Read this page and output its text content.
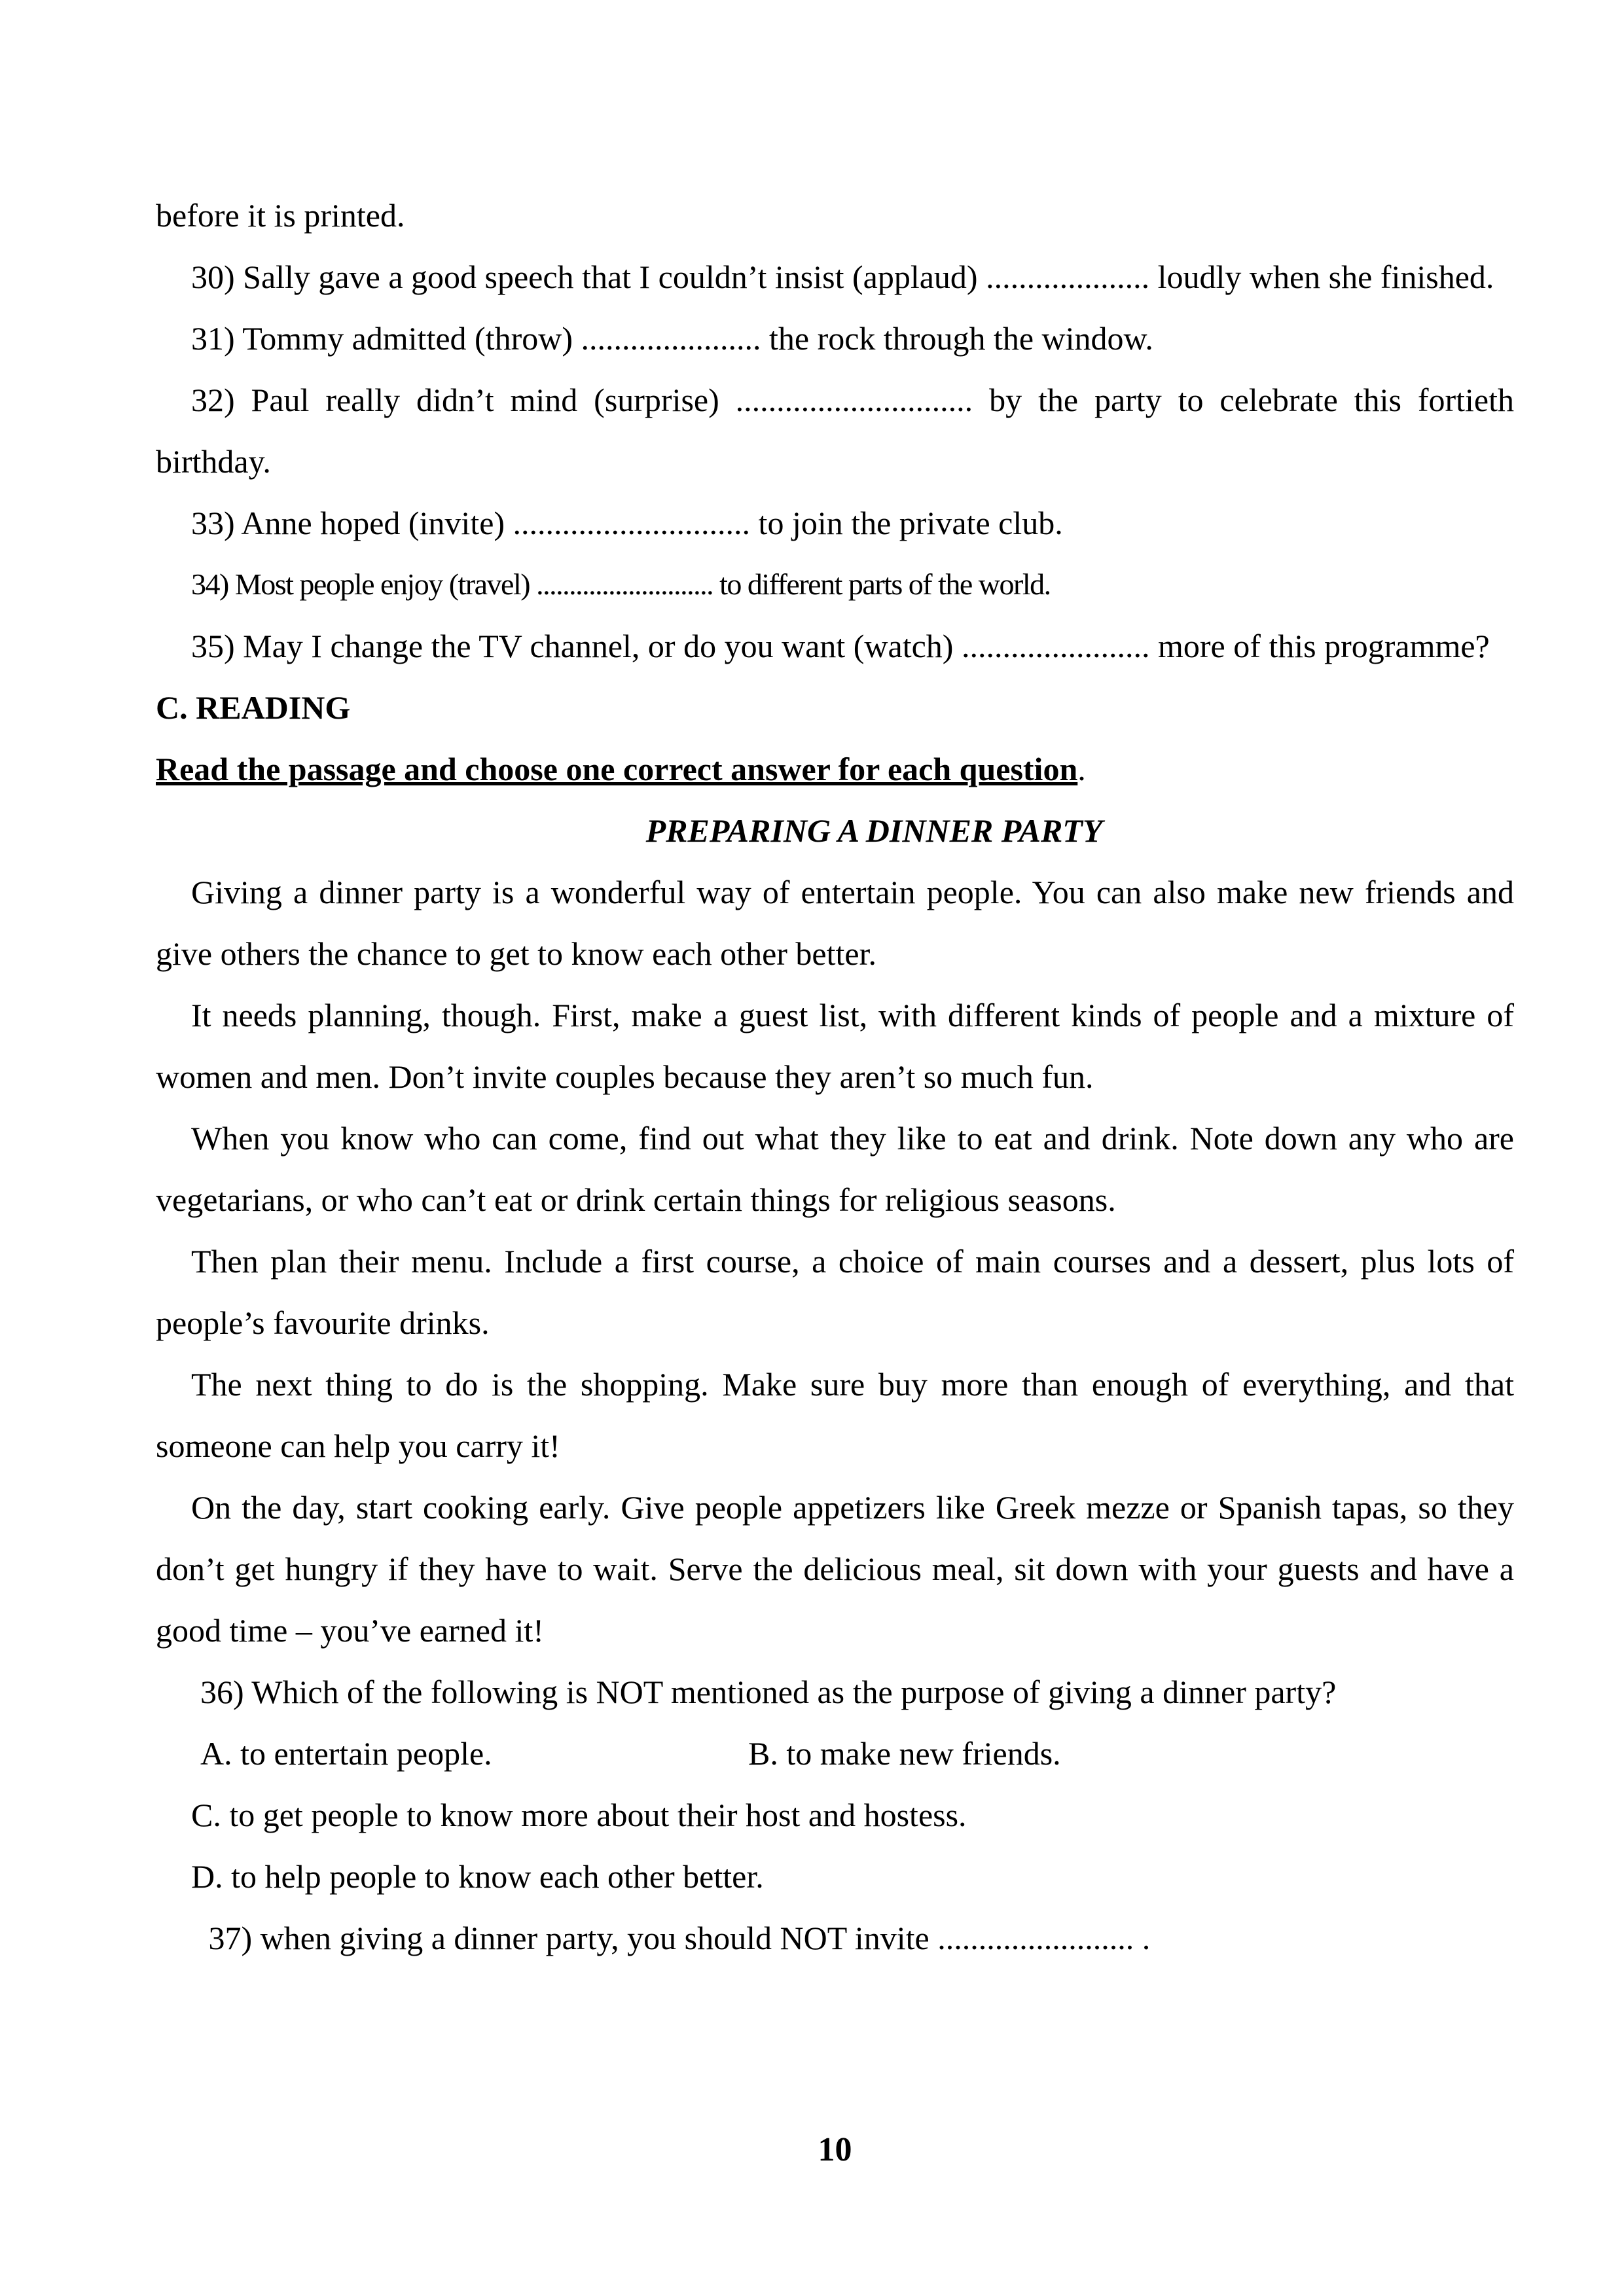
before it is printed.

30) Sally gave a good speech that I couldn’t insist (applaud) .................... loudly when she finished.

31) Tommy admitted (throw) ...................... the rock through the window.

32) Paul really didn’t mind (surprise) ............................. by the party to celebrate this fortieth birthday.

33) Anne hoped (invite) ............................. to join the private club.

34) Most people enjoy (travel) ........................... to different parts of the world.

35) May I change the TV channel, or do you want (watch) ....................... more of this programme?

C. READING

Read the passage and choose one correct answer for each question.

PREPARING A DINNER PARTY

Giving a dinner party is a wonderful way of entertain people. You can also make new friends and give others the chance to get to know each other better.

It needs planning, though. First, make a guest list, with different kinds of people and a mixture of women and men. Don’t invite couples because they aren’t so much fun.

When you know who can come, find out what they like to eat and drink. Note down any who are vegetarians, or who can’t eat or drink certain things for religious seasons.

Then plan their menu. Include a first course, a choice of main courses and a dessert, plus lots of people’s favourite drinks.

The next thing to do is the shopping. Make sure buy more than enough of everything, and that someone can help you carry it!

On the day, start cooking early. Give people appetizers like Greek mezze or Spanish tapas, so they don’t get hungry if they have to wait. Serve the delicious meal, sit down with your guests and have a good time – you’ve earned it!

36) Which of the following is NOT mentioned as the purpose of giving a dinner party?

A. to entertain people.	B. to make new friends.

C. to get people to know more about their host and hostess.

D. to help people to know each other better.

37) when giving a dinner party, you should NOT invite ........................ .

10
